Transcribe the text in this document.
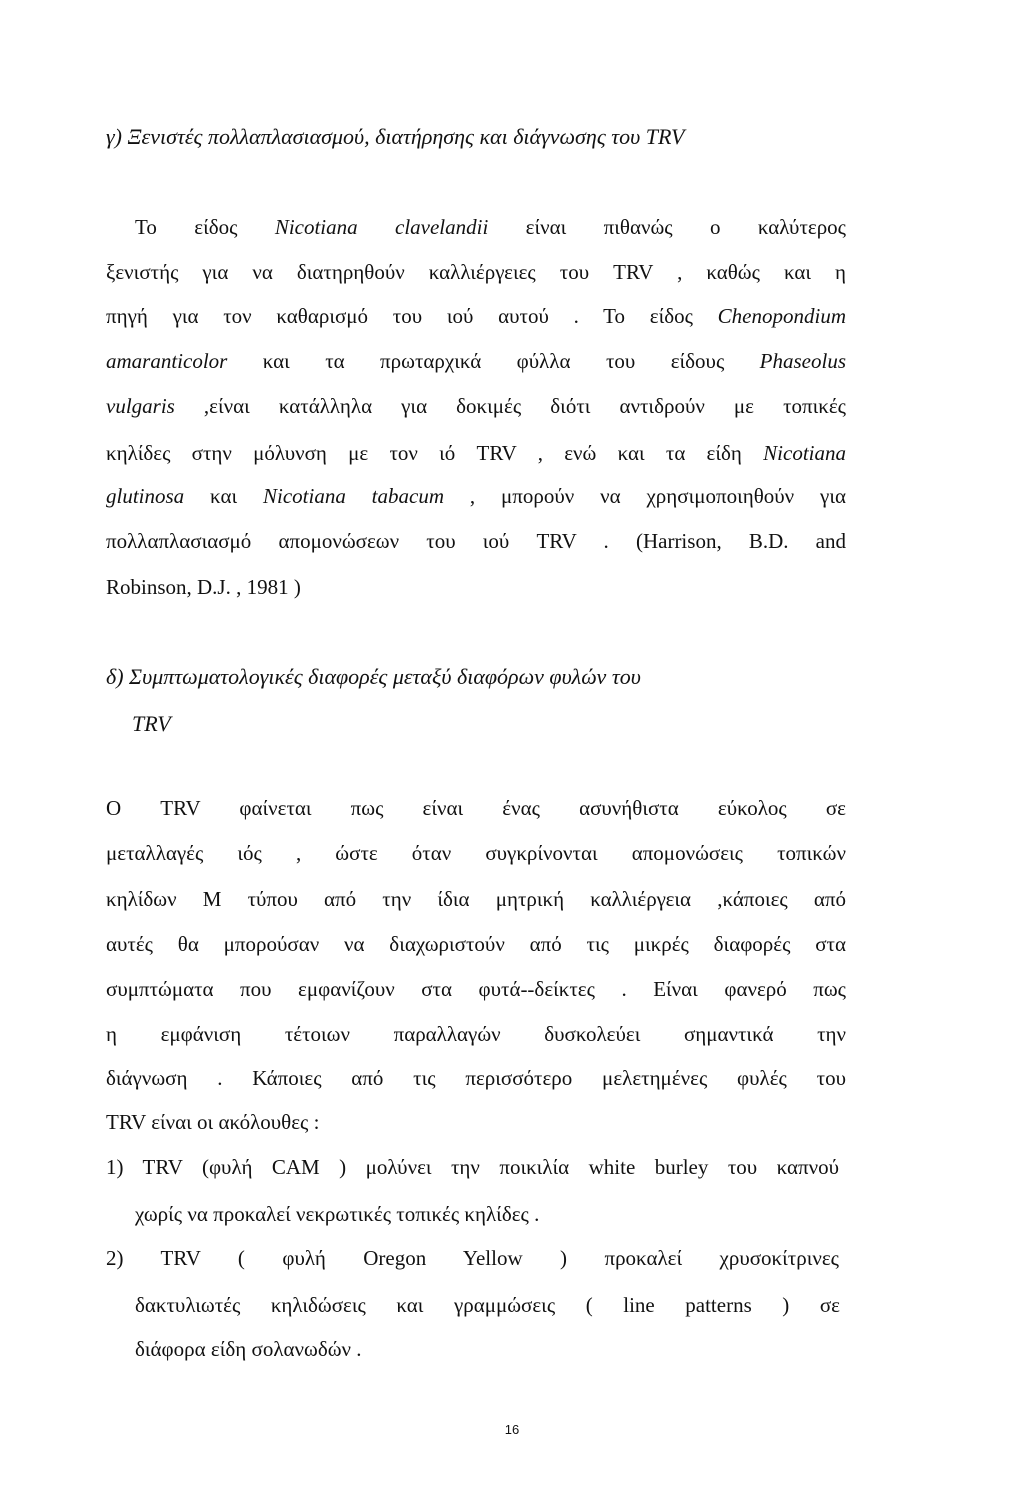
γ) Ξενιστές πολλαπλασιασμού, διατήρησης και διάγνωσης του TRV
δ) Συμπτωματολογικές διαφορές μεταξύ διαφόρων φυλών του
TRV
1) TRV (φυλή CAM ) μολύνει την ποικιλία white burley του καπνού
χωρίς να προκαλεί νεκρωτικές τοπικές κηλίδες .
2) TRV ( φυλή Oregon Yellow ) προκαλεί χρυσοκίτρινες
δακτυλιωτές κηλιδώσεις και γραμμώσεις ( line patterns ) σε
διάφορα είδη σολανωδών .
16
Το είδος Nicotiana clavelandii είναι πιθανώς ο καλύτερος
ξενιστής για να διατηρηθούν καλλιέργειες του TRV , καθώς και η
πηγή για τον καθαρισμό του ιού αυτού . Το είδος Chenopondium
amaranticolor και τα πρωταρχικά φύλλα του είδους Phaseolus
vulgaris ,είναι κατάλληλα για δοκιμές διότι αντιδρούν με τοπικές
κηλίδες στην μόλυνση με τον ιό TRV , ενώ και τα είδη Nicotiana
glutinosa και Nicotiana tabacum , μπορούν να χρησιμοποιηθούν για
πολλαπλασιασμό απομονώσεων του ιού TRV . (Harrison, B.D. and
Robinson, D.J. , 1981 )
Ο TRV φαίνεται πως είναι ένας ασυνήθιστα εύκολος σε
μεταλλαγές ιός , ώστε όταν συγκρίνονται απομονώσεις τοπικών
κηλίδων Μ τύπου από την ίδια μητρική καλλιέργεια ,κάποιες από
αυτές θα μπορούσαν να διαχωριστούν από τις μικρές διαφορές στα
συμπτώματα που εμφανίζουν στα φυτά--δείκτες . Είναι φανερό πως
η εμφάνιση τέτοιων παραλλαγών δυσκολεύει σημαντικά την
διάγνωση . Κάποιες από τις περισσότερο μελετημένες φυλές του
TRV είναι οι ακόλουθες :
